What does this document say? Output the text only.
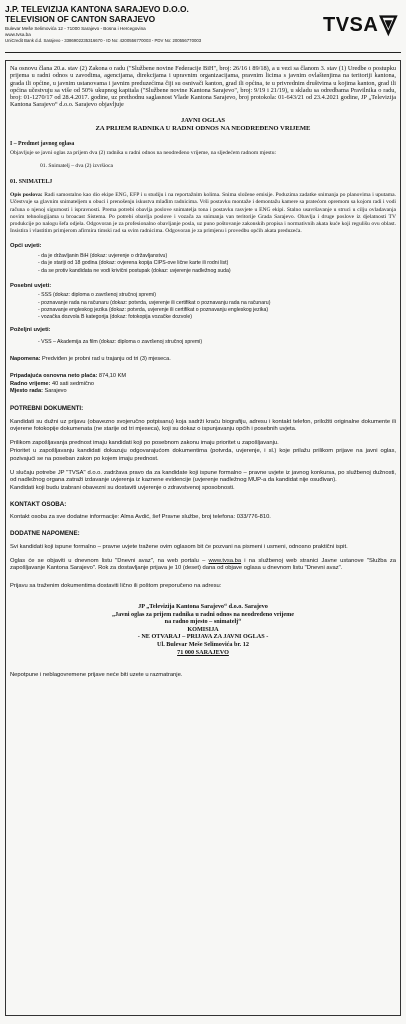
J.P. TELEVIZIJA KANTONA SARAJEVO D.O.O.
TELEVISION OF CANTON SARAJEVO
Bulevar Meše Selimovića 12 - 71000 Sarajevo - Bosna i Hercegovina
www.tvsa.ba
UniCredit Bank d.d. Sarajevo - 3386902235316670 - ID No: 4200556770003 - PDV No: 200556770003
TVSA

Na osnovu člana 20.a. stav (2) Zakona o radu ("Službene novine Federacije BiH", broj: 26/16 i 89/18), a u vezi sa članom 3. stav (1) Uredbe o postupku prijema u radni odnos u zavodima, agencijama, direkcijama i upravnim organizacijama, pravnim licima s javnim ovlaštenjima na teritoriji kantona, grada ili općine, u javnim ustanovama i javnim preduzećima čiji su osnivači kanton, grad ili općina, te u privrednim društvima u kojima kanton, grad ili općina učestvuju sa više od 50% ukupnog kapitala ("Službene novine Kantona Sarajevo", broj: 9/19 i 21/19), u skladu sa odredbama Pravilnika o radu, broj: 01-1270/17 od 28.4.2017. godine, uz prethodnu saglasnost Vlade Kantona Sarajevo, broj protokola: 01-643/21 od 23.4.2021 godine, JP „Televizija Kantona Sarajevo“ d.o.o. Sarajevo objavljuje

JAVNI OGLAS
ZA PRIJEM RADNIKA U RADNI ODNOS NA NEODREĐENO VRIJEME
I – Predmet javnog oglasa

Objavljuje se javni oglas za prijem dva (2) radnika u radni odnos na neodređeno vrijeme, na sljedećem radnom mjestu:

01. Snimatelj – dva (2) izvršioca

01. SNIMATELJ

Opis poslova: Radi samostalno kao dio ekipe ENG, EFP i u studiju i na reportažnim kolima. Snima složene emisije. Poduzima zadatke snimanja po planovima i uputama. Učestvuje sa glavnim snimateljem u obuci i prenošenju iskustva mlađim radnicima. Vrši postavku montaže i demontažu kamere sa pratećom opremom sa kojom radi i vodi računa o njenoj sigurnosti i ispravnosti. Prema potrebi obavlja poslove snimatelja tona i postavku rasvjete u ENG ekipi. Stalno usavršavanje u struci u cilju ovladavanja novim tehnologijama u broacast Sistema. Po potrebi obavlja poslove i vozača za snimanja van teritorije Grada Sarajevo. Obavlja i druge poslove iz djelatnosti TV produkcije po nalogu šefa odjela. Odgovoran je za profesionalno obavljanje posla, uz puno poštovanje zakonskih propisa i normativnih akata kuće koji regulišu ovu oblast. Insistira i vlastitim primjerom afirmira timski rad sa svim radnicima. Odgovoran je za primjenu i provedbu općih akata preduzeća.

Opći uvjeti:
- da je državljanin BiH (dokaz: uvjerenje o državljanstvu)
- da je stariji od 18 godina (dokaz: ovjerena kopija CIPS-ove lične karte ili rodni list)
- da se protiv kandidata ne vodi krivični postupak (dokaz: uvjerenje nadležnog suda)
Posebni uvjeti:
- SSS (dokaz: diploma o završenoj stručnoj spremi)
- poznavanje rada na računaru (dokaz: potvrda, uvjerenje ili certifikat o poznavanju rada na računaru)
- poznavanje engleskog jezika (dokaz: potvrda, uvjerenje ili certifikat o poznavanju engleskog jezika)
- vozačka dozvola B kategorija (dokaz: fotokopija vozačke dozvole)
Poželjni uvjeti:
- VSS – Akademija za film (dokaz: diploma o završenoj stručnoj spremi)

Napomena: Predviđen je probni rad u trajanju od tri (3) mjeseca.

Pripadajuća osnovna neto plaća: 874,10 KM
Radno vrijeme: 40 sati sedmično
Mjesto rada: Sarajevo
POTREBNI DOKUMENTI:

Kandidati su dužni uz prijavu (obavezno svojeručno potpisanu) koja sadrži kraću biografiju, adresu i kontakt telefon, priložiti originalne dokumente ili ovjerene fotokopije dokumenata (ne starije od tri mjeseca), koji su dokaz o ispunjavanju općih i posebnih uvjeta.

Prilikom zapošljavanja prednost imaju kandidati koji po posebnom zakonu imaju prioritet u zapošljavanju.

Prioritet u zapošljavanju kandidati dokazuju odgovarajućom dokumentima (potvrda, uvjerenje, i sl.) koje prilažu prilikom prijave na javni oglas, pozivajući se na poseban zakon po kojem imaju prednost.

U slučaju potrebe JP "TVSA" d.o.o. zadržava pravo da za kandidate koji ispune formalno – pravne uvjete iz javnog konkursa, po službenoj dužnosti, od nadležnog organa zatraži izdavanje uvjerenja iz kaznene evidencije (uvjerenje nadležnog MUP-a da kandidat nije osuđivan).

Kandidati koji budu izabrani obavezni su dostaviti uvjerenje o zdravstvenoj sposobnosti.

KONTAKT OSOBA:

Kontakt osoba za sve dodatne informacije: Alma Avdić, šef Pravne službe, broj telefona: 033/776-810.

DODATNE NAPOMENE:

Svi kandidati koji ispune formalno – pravne uvjete tražene ovim oglasom bit će pozvani na pismeni i usmeni, odnosno praktični ispit.

Oglas će se objaviti u dnevnom listu "Dnevni avaz", na web portalu – www.tvsa.ba i na službenoj web stranici Javne ustanove "Služba za zapošljavanje Kantona Sarajevo". Rok za dostavljanje prijava je 10 (deset) dana od objave oglasa u dnevnom listu "Dnevni avaz".

Prijavu sa traženim dokumentima dostaviti lično ili poštom preporučeno na adresu:

JP „Televizija Kantona Sarajevo“ d.o.o. Sarajevo
„Javni oglas za prijem radnika u radni odnos na neodređeno vrijeme
na radno mjesto – snimatelj“
KOMISIJA
- NE OTVARAJ – PRIJAVA ZA JAVNI OGLAS -
Ul. Bulevar Meše Selimovića br. 12
71 000 SARAJEVO

Nepotpune i neblagovremene prijave neće biti uzete u razmatranje.
